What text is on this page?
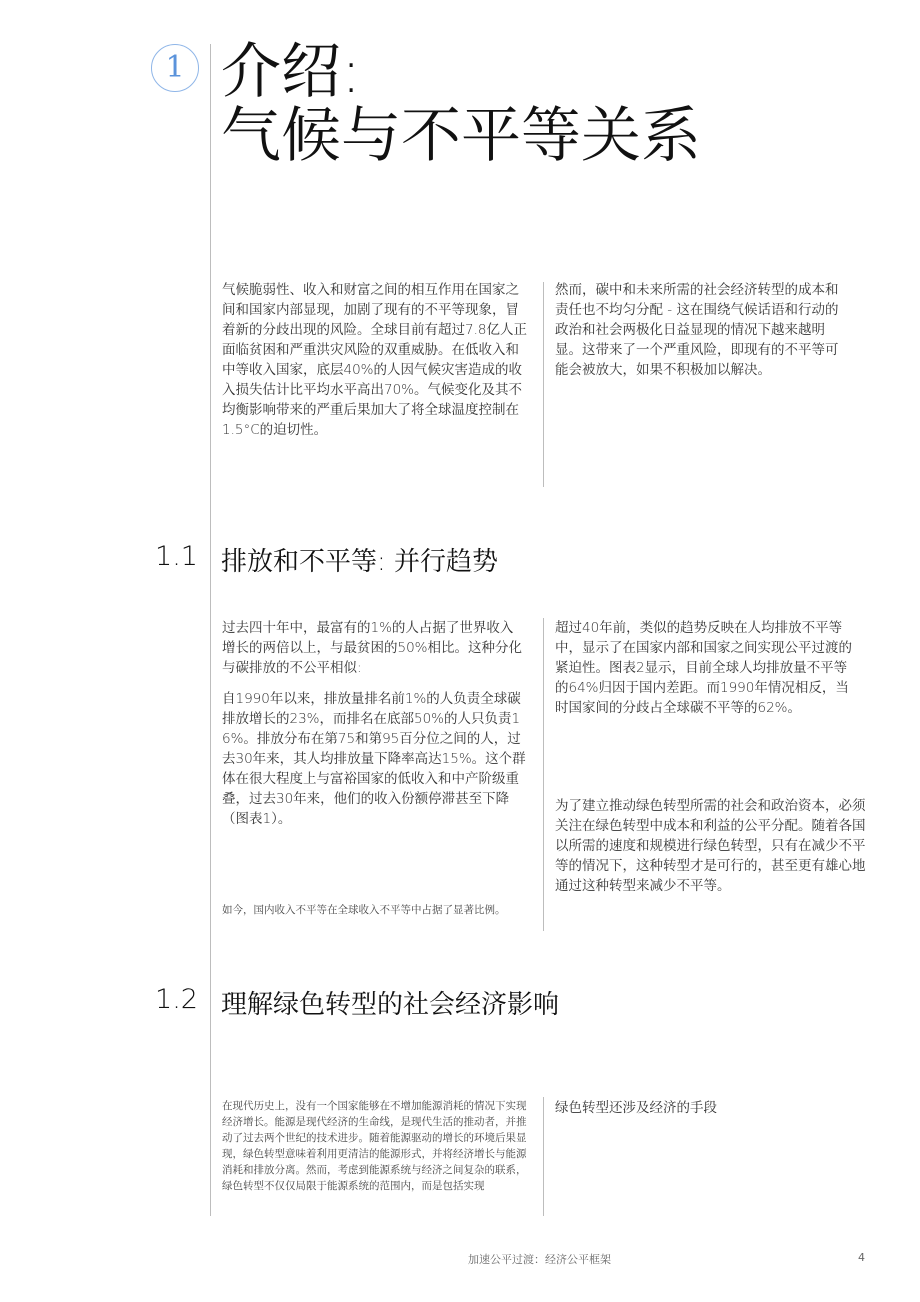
1 介绍:
气候与不平等关系

气候脆弱性、收入和财富之间的相互作用在国家之间和国家内部显现，加剧了现有的不平等现象，冒着新的分歧出现的风险。全球目前有超过7.8亿人正面临贫困和严重洪灾风险的双重威胁。在低收入和中等收入国家，底层40%的人因气候灾害造成的收入损失估计比平均水平高出70%。气候变化及其不均衡影响带来的严重后果加大了将全球温度控制在1.5°C的迫切性。

然而，碳中和未来所需的社会经济转型的成本和责任也不均匀分配 - 这在围绕气候话语和行动的政治和社会两极化日益显现的情况下越来越明显。这带来了一个严重风险，即现有的不平等可能会被放大，如果不积极加以解决。

1.1 排放和不平等: 并行趋势

过去四十年中，最富有的1%的人占据了世界收入增长的两倍以上，与最贫困的50%相比。这种分化与碳排放的不公平相似:

自1990年以来，排放量排名前1%的人负责全球碳排放增长的23%，而排名在底部50%的人只负责16%。排放分布在第75和第95百分位之间的人，过去30年来，其人均排放量下降率高达15%。这个群体在很大程度上与富裕国家的低收入和中产阶级重叠，过去30年来，他们的收入份额停滞甚至下降（图表1）。

如今，国内收入不平等在全球收入不平等中占据了显著比例。

超过40年前，类似的趋势反映在人均排放不平等中，显示了在国家内部和国家之间实现公平过渡的紧迫性。图表2显示，目前全球人均排放量不平等的64%归因于国内差距。而1990年情况相反，当时国家间的分歧占全球碳不平等的62%。

为了建立推动绿色转型所需的社会和政治资本，必须关注在绿色转型中成本和利益的公平分配。随着各国以所需的速度和规模进行绿色转型，只有在减少不平等的情况下，这种转型才是可行的，甚至更有雄心地通过这种转型来减少不平等。

1.2 理解绿色转型的社会经济影响

在现代历史上，没有一个国家能够在不增加能源消耗的情况下实现经济增长。能源是现代经济的生命线，是现代生活的推动者，并推动了过去两个世纪的技术进步。随着能源驱动的增长的环境后果显现，绿色转型意味着利用更清洁的能源形式，并将经济增长与能源消耗和排放分离。然而，考虑到能源系统与经济之间复杂的联系，绿色转型不仅仅局限于能源系统的范围内，而是包括实现

绿色转型还涉及经济的手段

加速公平过渡：经济公平框架	4
